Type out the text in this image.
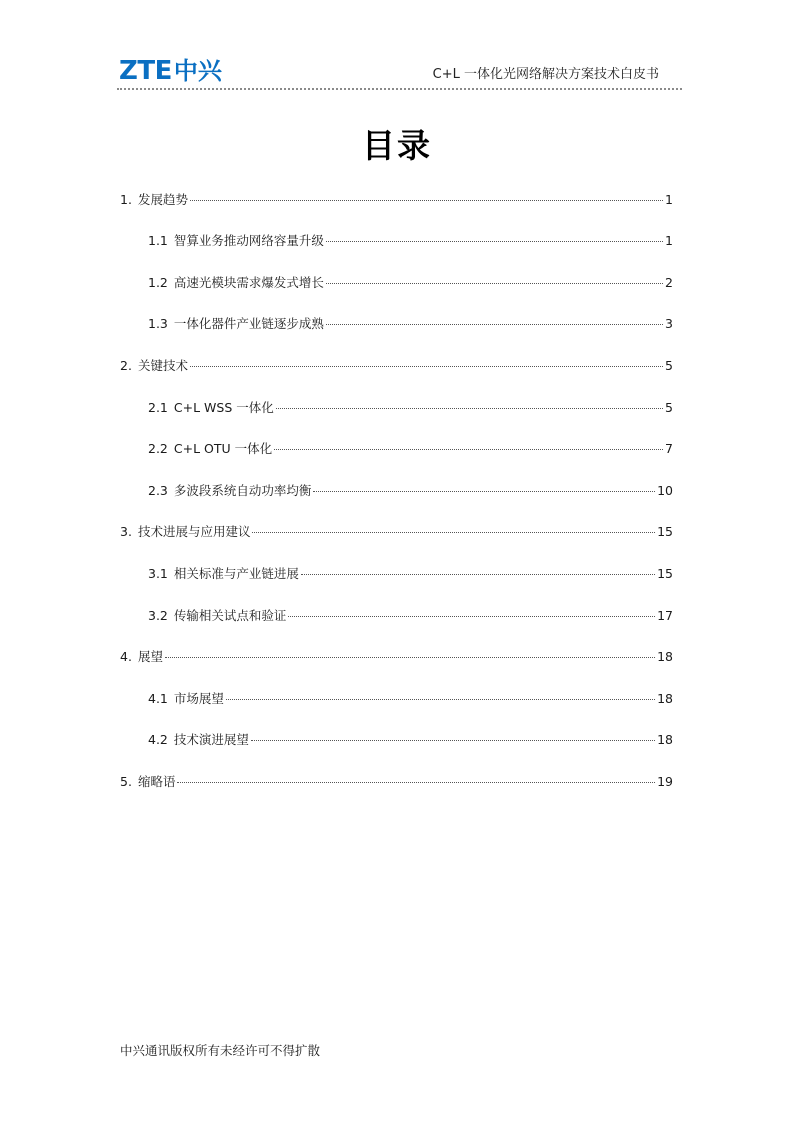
ZTE 中兴	C+L 一体化光网络解决方案技术白皮书
目录
1. 发展趋势	1
1.1 智算业务推动网络容量升级	1
1.2 高速光模块需求爆发式增长	2
1.3 一体化器件产业链逐步成熟	3
2. 关键技术	5
2.1 C+L WSS 一体化	5
2.2 C+L OTU 一体化	7
2.3 多波段系统自动功率均衡	10
3. 技术进展与应用建议	15
3.1 相关标准与产业链进展	15
3.2 传输相关试点和验证	17
4. 展望	18
4.1 市场展望	18
4.2 技术演进展望	18
5. 缩略语	19
中兴通讯版权所有未经许可不得扩散
